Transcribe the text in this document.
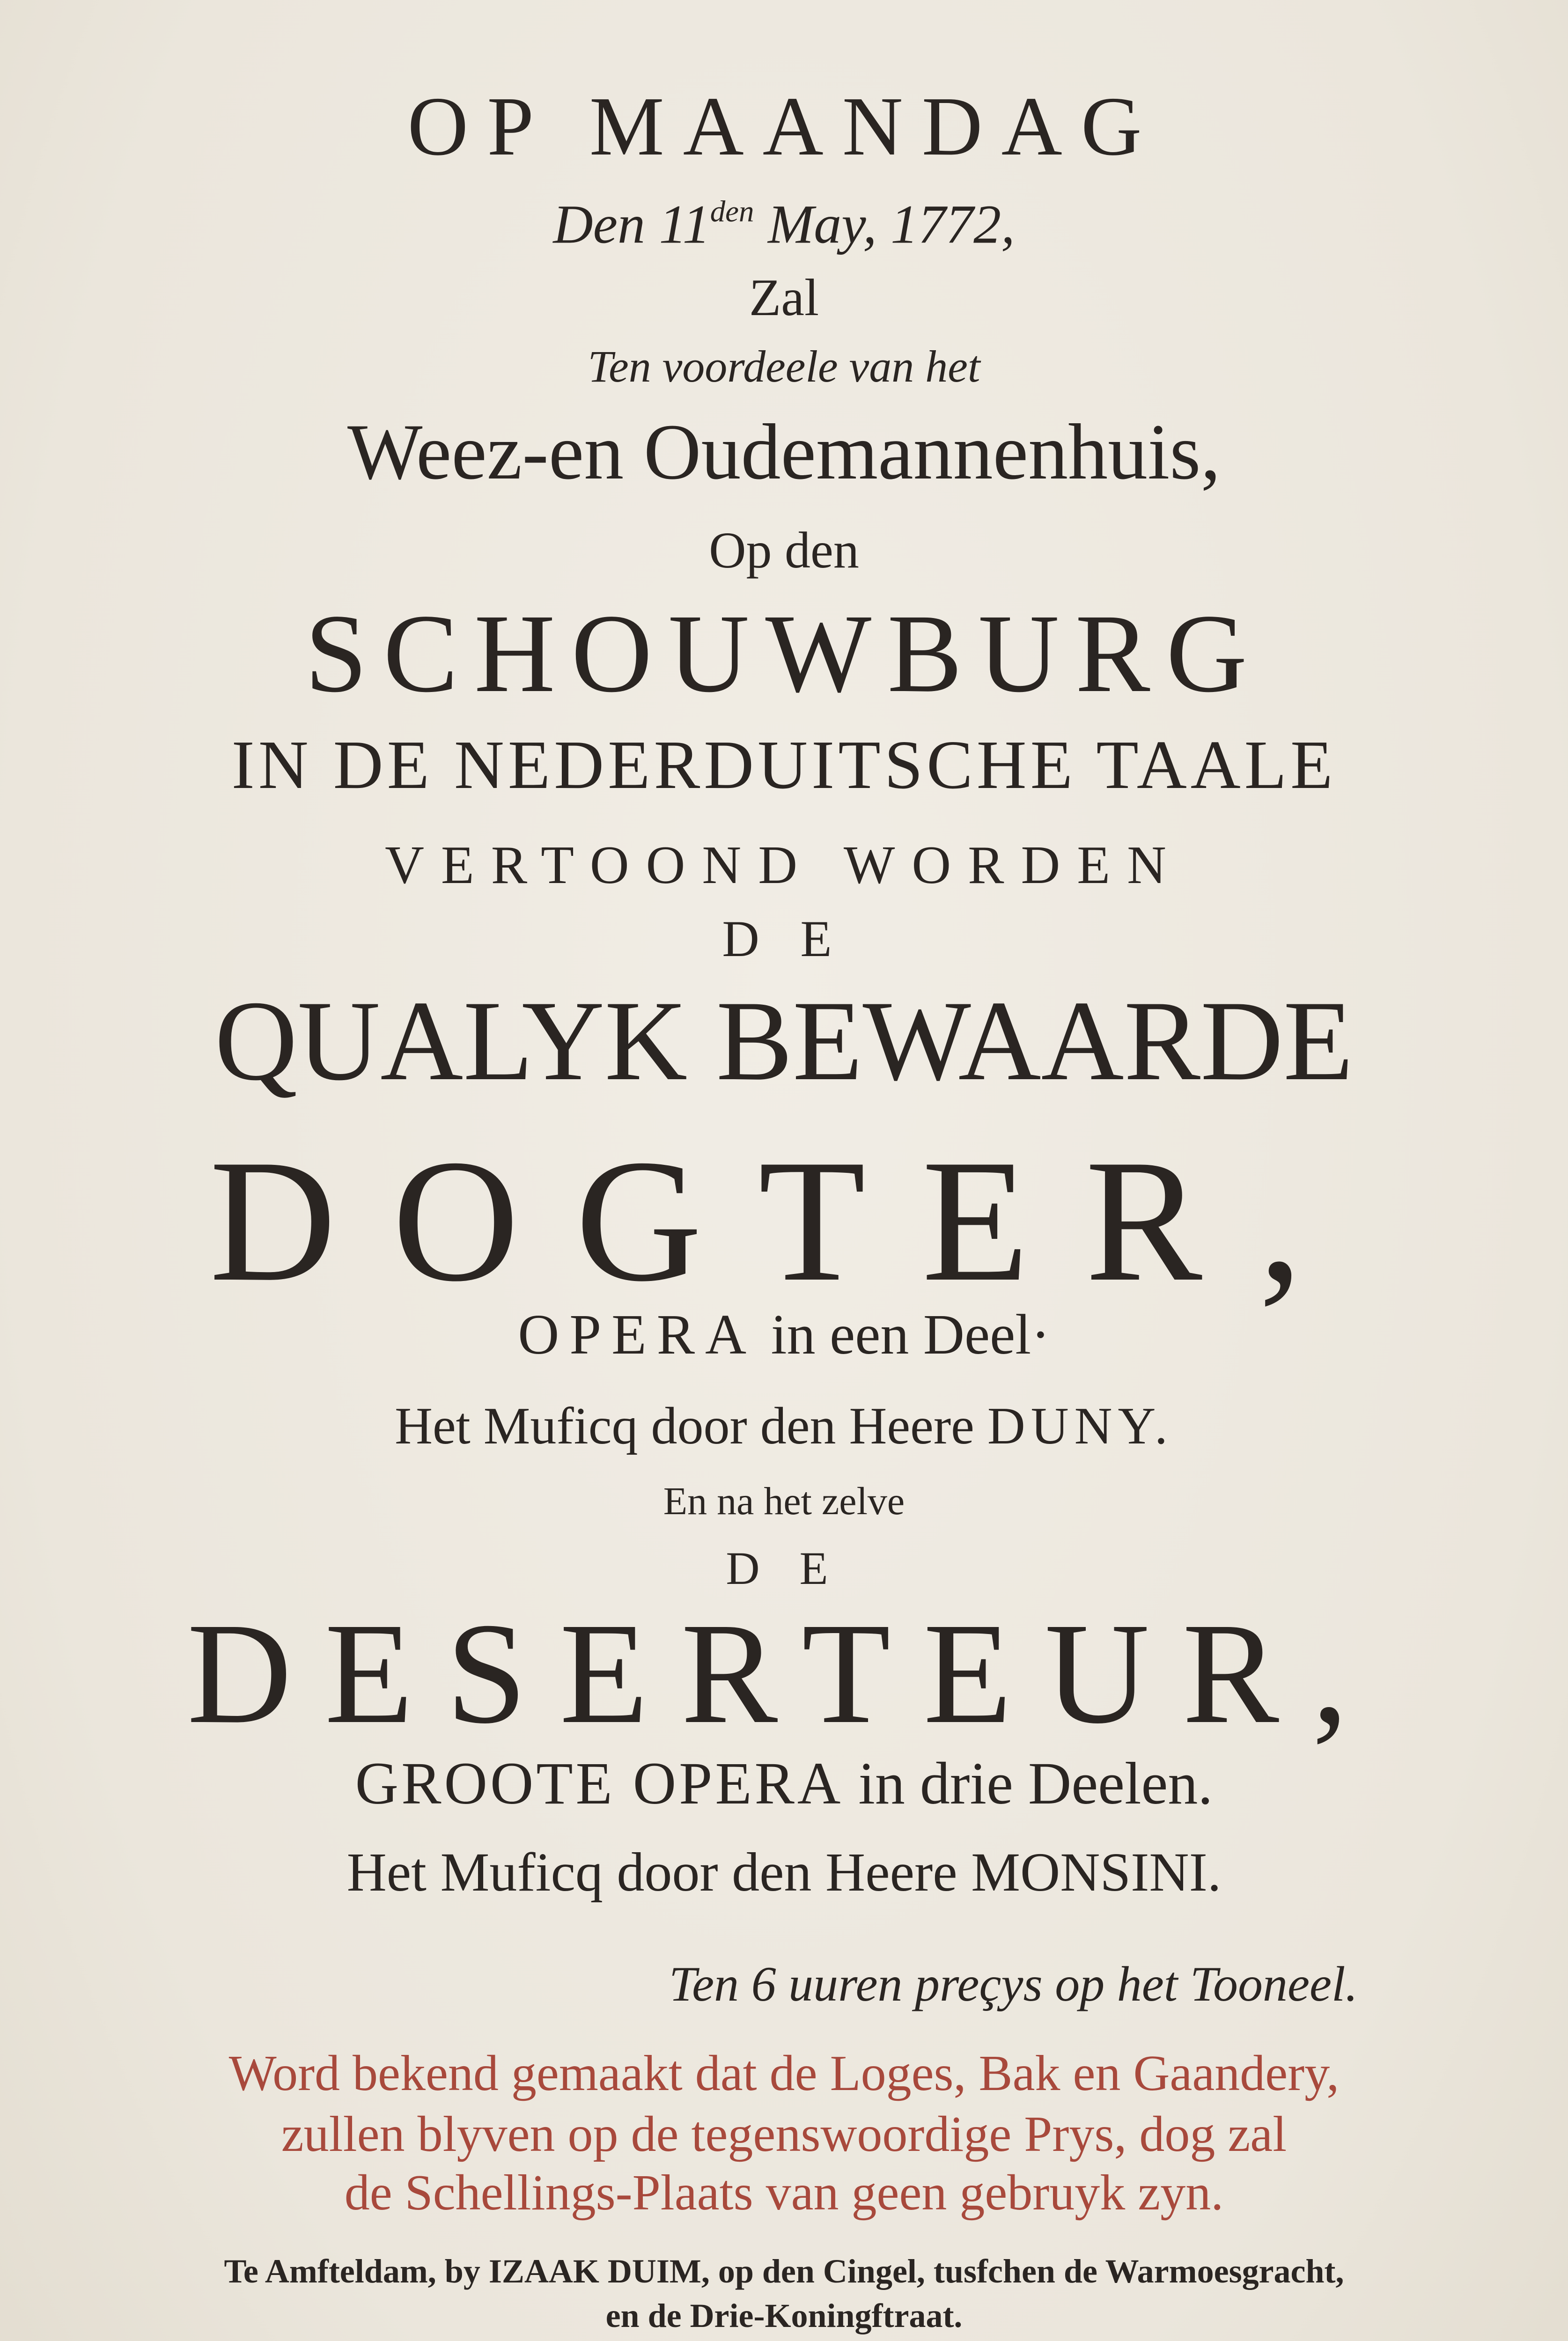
OP MAANDAG
Den $11^{den}$ May, 1772,
Zal
Ten voordeele van het
Weez-en Oudemannenhuis,
Op den
SCHOUWBURG
IN DE NEDERDUITSCHE TAALE
VERTOOND WORDEN
D E
QUALYK BEWAARDE
DOGTER,
OPERA in een Deel·
Het Muficq door den Heere DUNY.
En na het zelve
D E
DESERTEUR,
GROOTE OPERA in drie Deelen.
Het Muficq door den Heere MONSINI.
Ten 6 uuren preçys op het Tooneel.
Word bekend gemaakt dat de Loges, Bak en Gaandery,
zullen blyven op de tegenswoordige Prys, dog zal
de Schellings-Plaats van geen gebruyk zyn.
Te Amfteldam, by IZAAK DUIM, op den Cingel, tusfchen de Warmoesgracht,
en de Drie-Koningftraat.
